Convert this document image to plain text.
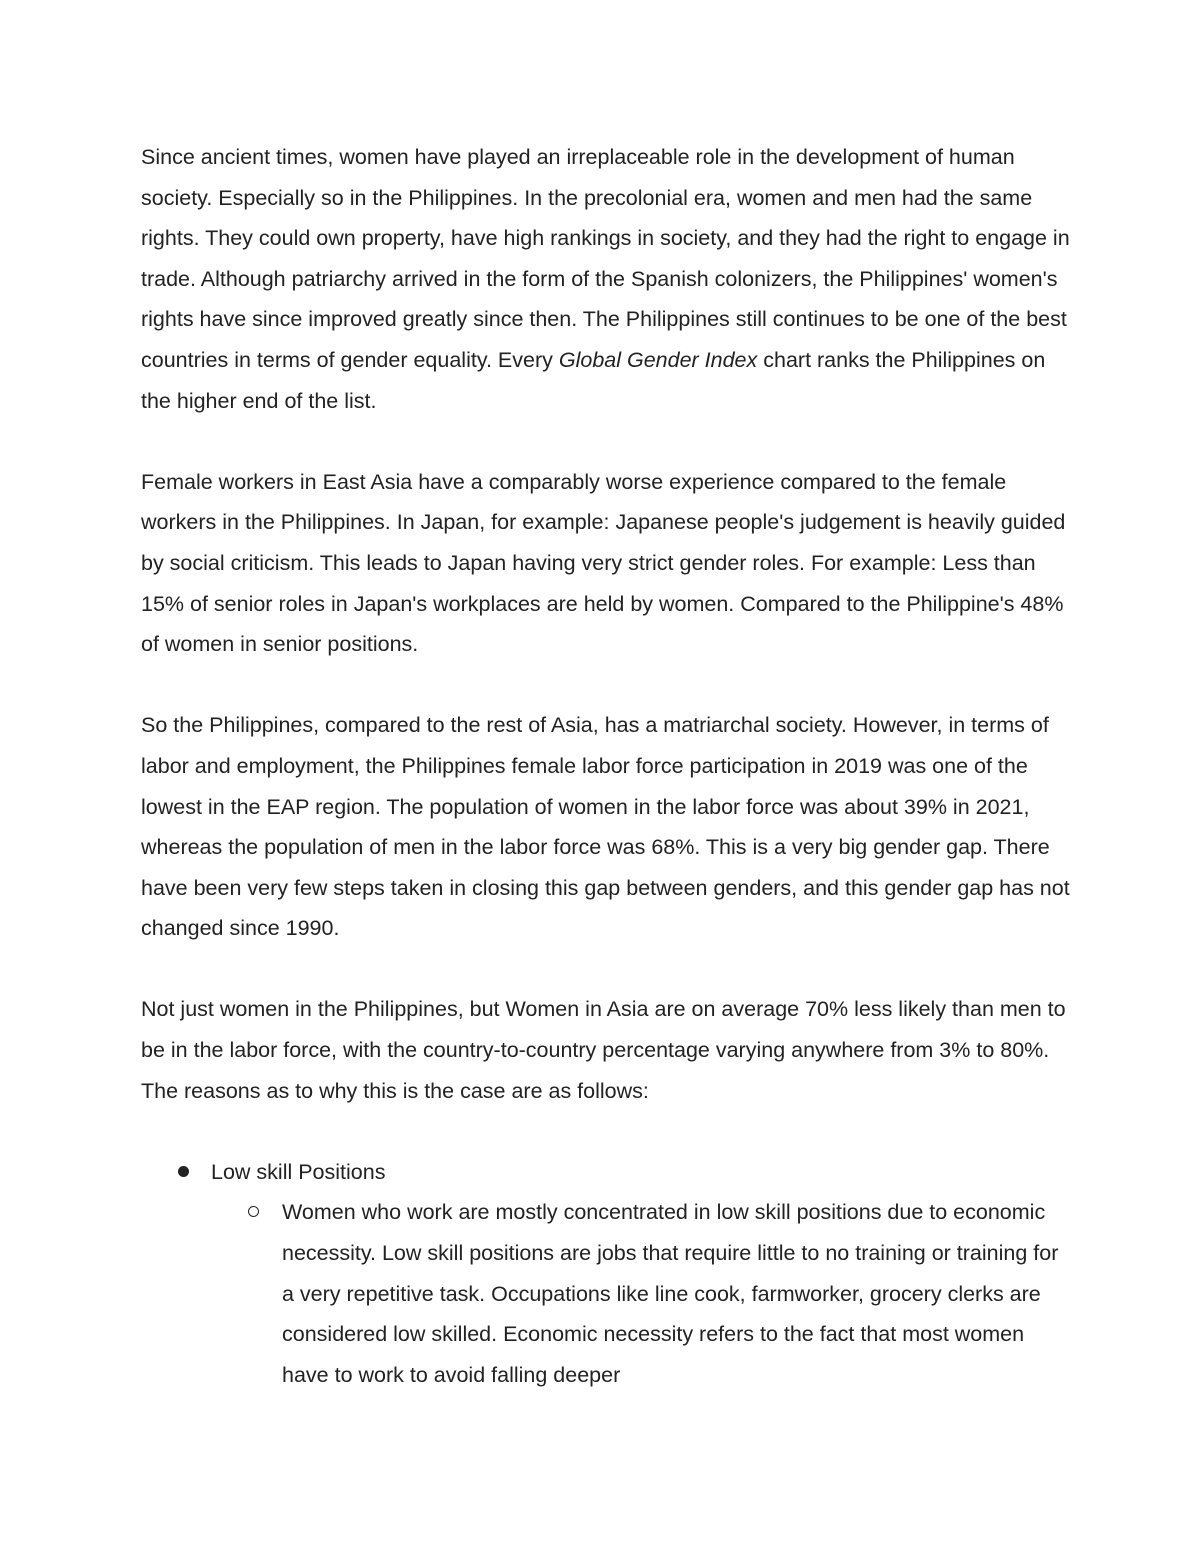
Since ancient times, women have played an irreplaceable role in the development of human society. Especially so in the Philippines. In the precolonial era, women and men had the same rights. They could own property, have high rankings in society, and they had the right to engage in trade. Although patriarchy arrived in the form of the Spanish colonizers, the Philippines' women's rights have since improved greatly since then. The Philippines still continues to be one of the best countries in terms of gender equality. Every Global Gender Index chart ranks the Philippines on the higher end of the list.

Female workers in East Asia have a comparably worse experience compared to the female workers in the Philippines. In Japan, for example: Japanese people's judgement is heavily guided by social criticism. This leads to Japan having very strict gender roles. For example: Less than 15% of senior roles in Japan's workplaces are held by women. Compared to the Philippine's 48% of women in senior positions.

So the Philippines, compared to the rest of Asia, has a matriarchal society. However, in terms of labor and employment, the Philippines female labor force participation in 2019 was one of the lowest in the EAP region. The population of women in the labor force was about 39% in 2021, whereas the population of men in the labor force was 68%. This is a very big gender gap. There have been very few steps taken in closing this gap between genders, and this gender gap has not changed since 1990.

Not just women in the Philippines, but Women in Asia are on average 70% less likely than men to be in the labor force, with the country-to-country percentage varying anywhere from 3% to 80%. The reasons as to why this is the case are as follows:

Low skill Positions
Women who work are mostly concentrated in low skill positions due to economic necessity. Low skill positions are jobs that require little to no training or training for a very repetitive task. Occupations like line cook, farmworker, grocery clerks are considered low skilled. Economic necessity refers to the fact that most women have to work to avoid falling deeper
